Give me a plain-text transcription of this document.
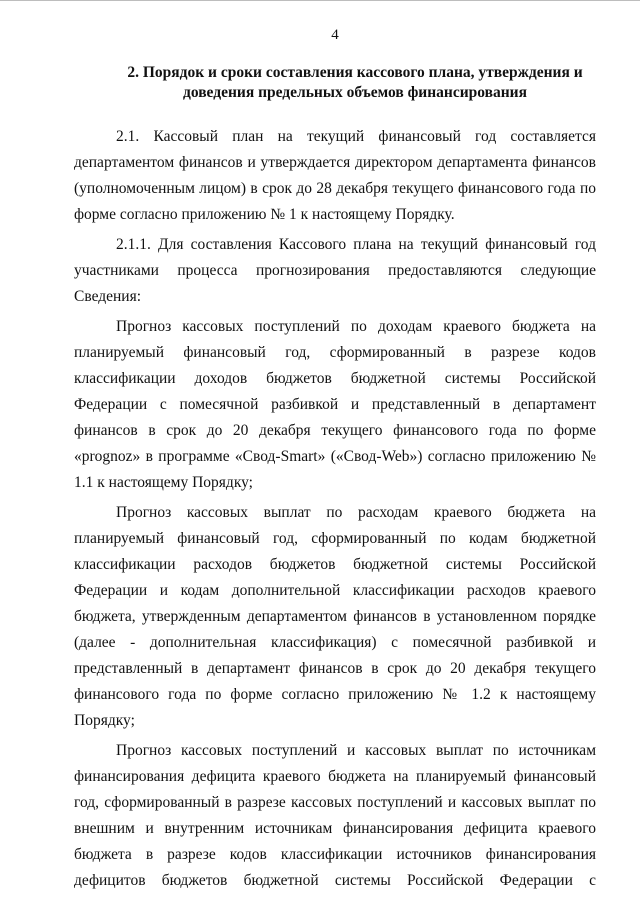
4
2. Порядок и сроки составления кассового плана, утверждения и доведения предельных объемов финансирования

2.1. Кассовый план на текущий финансовый год составляется департаментом финансов и утверждается директором департамента финансов (уполномоченным лицом) в срок до 28 декабря текущего финансового года по форме согласно приложению № 1 к настоящему Порядку.

2.1.1. Для составления Кассового плана на текущий финансовый год участниками процесса прогнозирования предоставляются следующие Сведения:

Прогноз кассовых поступлений по доходам краевого бюджета на планируемый финансовый год, сформированный в разрезе кодов классификации доходов бюджетов бюджетной системы Российской Федерации с помесячной разбивкой и представленный в департамент финансов в срок до 20 декабря текущего финансового года по форме «prognoz» в программе «Свод-Smart» («Свод-Web») согласно приложению № 1.1 к настоящему Порядку;

Прогноз кассовых выплат по расходам краевого бюджета на планируемый финансовый год, сформированный по кодам бюджетной классификации расходов бюджетов бюджетной системы Российской Федерации и кодам дополнительной классификации расходов краевого бюджета, утвержденным департаментом финансов в установленном порядке (далее - дополнительная классификация) с помесячной разбивкой и представленный в департамент финансов в срок до 20 декабря текущего финансового года по форме согласно приложению № 1.2 к настоящему Порядку;

Прогноз кассовых поступлений и кассовых выплат по источникам финансирования дефицита краевого бюджета на планируемый финансовый год, сформированный в разрезе кассовых поступлений и кассовых выплат по внешним и внутренним источникам финансирования дефицита краевого бюджета в разрезе кодов классификации источников финансирования дефицитов бюджетов бюджетной системы Российской Федерации с
